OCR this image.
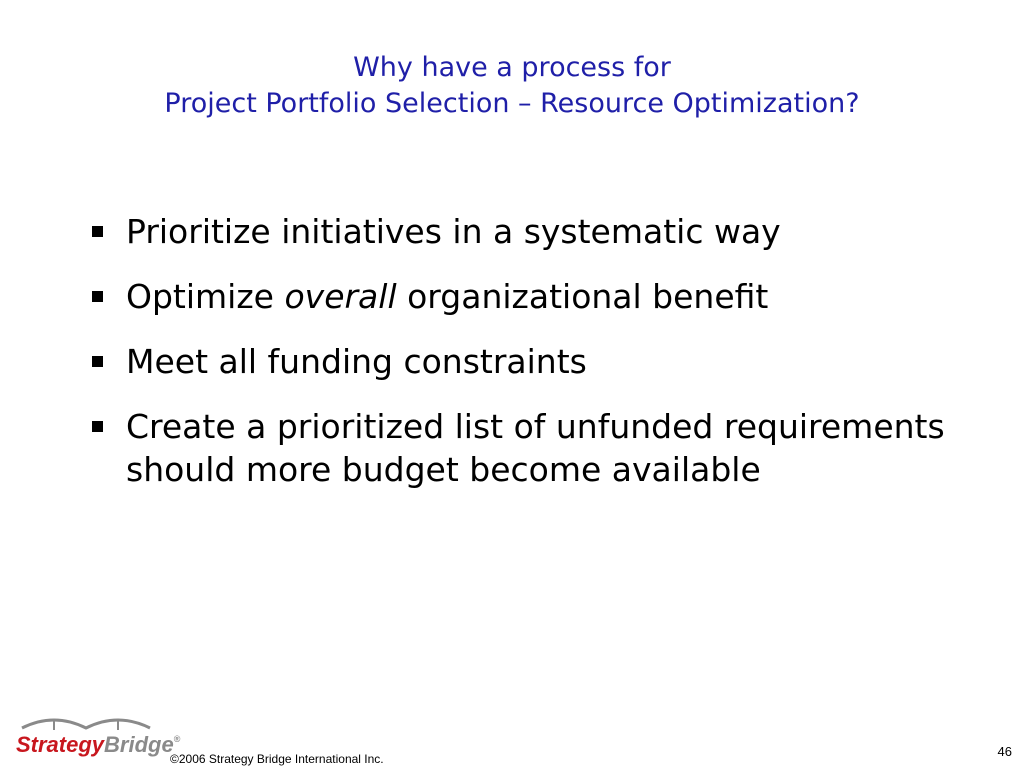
Why have a process for
Project Portfolio Selection – Resource Optimization?
Prioritize initiatives in a systematic way
Optimize overall organizational benefit
Meet all funding constraints
Create a prioritized list of unfunded requirements should more budget become available
StrategyBridge®
©2006 Strategy Bridge International Inc.	46
